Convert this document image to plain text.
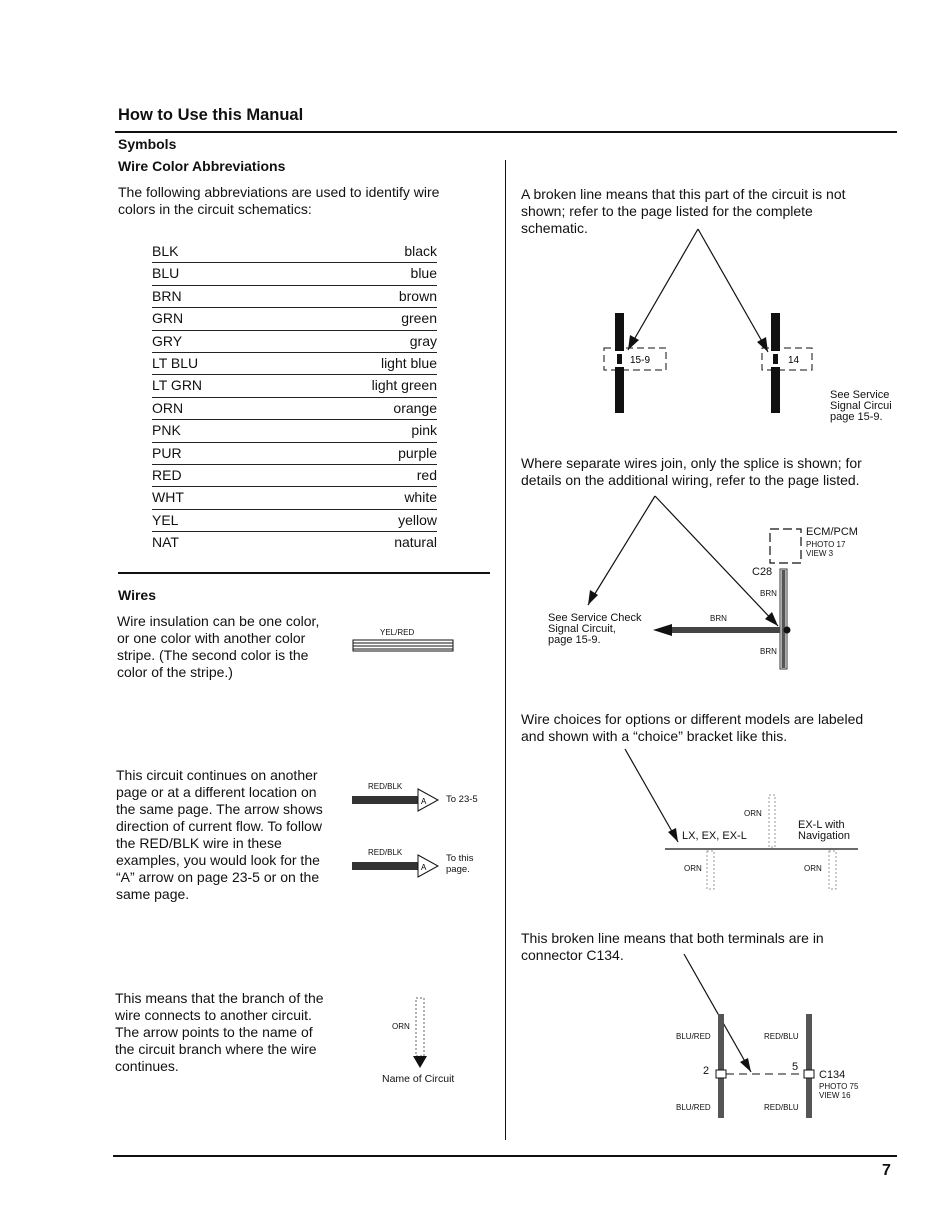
How to Use this Manual
Symbols
Wire Color Abbreviations
The following abbreviations are used to identify wire
colors in the circuit schematics:
BLK	black
BLU	blue
BRN	brown
GRN	green
GRY	gray
LT BLU	light blue
LT GRN	light green
ORN	orange
PNK	pink
PUR	purple
RED	red
WHT	white
YEL	yellow
NAT	natural
Wires
Wire insulation can be one color,
or one color with another color
stripe. (The second color is the
color of the stripe.)
YEL/RED
This circuit continues on another
page or at a different location on
the same page. The arrow shows
direction of current flow. To follow
the RED/BLK wire in these
examples, you would look for the
“A” arrow on page 23-5 or on the
same page.
RED/BLK
A To 23-5
RED/BLK
A
To this
page.
This means that the branch of the
wire connects to another circuit.
The arrow points to the name of
the circuit branch where the wire
continues.
ORN
Name of Circuit
A broken line means that this part of the circuit is not
shown; refer to the page listed for the complete
schematic.
15-9	14
See Service
Signal Circui
page 15-9.
Where separate wires join, only the splice is shown; for
details on the additional wiring, refer to the page listed.
ECM/PCM
PHOTO 17
VIEW 3
C28
BRN
BRN
BRN
See Service Check
Signal Circuit,
page 15-9.
Wire choices for options or different models are labeled
and shown with a “choice” bracket like this.
ORN
LX, EX, EX-L
EX-L with
Navigation
ORN	ORN
This broken line means that both terminals are in
connector C134.
BLU/RED	RED/BLU
2	5
C134
PHOTO 75
VIEW 16
BLU/RED	RED/BLU
7
